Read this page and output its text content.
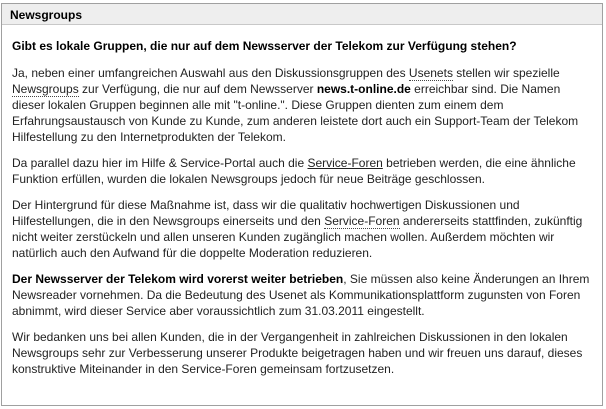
Newsgroups
Gibt es lokale Gruppen, die nur auf dem Newsserver der Telekom zur Verfügung stehen?

Ja, neben einer umfangreichen Auswahl aus den Diskussionsgruppen des Usenets stellen wir spezielle Newsgroups zur Verfügung, die nur auf dem Newsserver news.t-online.de erreichbar sind. Die Namen dieser lokalen Gruppen beginnen alle mit "t-online.". Diese Gruppen dienten zum einem dem Erfahrungsaustausch von Kunde zu Kunde, zum anderen leistete dort auch ein Support-Team der Telekom Hilfestellung zu den Internetprodukten der Telekom.

Da parallel dazu hier im Hilfe & Service-Portal auch die Service-Foren betrieben werden, die eine ähnliche Funktion erfüllen, wurden die lokalen Newsgroups jedoch für neue Beiträge geschlossen.

Der Hintergrund für diese Maßnahme ist, dass wir die qualitativ hochwertigen Diskussionen und Hilfestellungen, die in den Newsgroups einerseits und den Service-Foren andererseits stattfinden, zukünftig nicht weiter zerstückeln und allen unseren Kunden zugänglich machen wollen. Außerdem möchten wir natürlich auch den Aufwand für die doppelte Moderation reduzieren.

Der Newsserver der Telekom wird vorerst weiter betrieben, Sie müssen also keine Änderungen an Ihrem Newsreader vornehmen. Da die Bedeutung des Usenet als Kommunikationsplattform zugunsten von Foren abnimmt, wird dieser Service aber voraussichtlich zum 31.03.2011 eingestellt.

Wir bedanken uns bei allen Kunden, die in der Vergangenheit in zahlreichen Diskussionen in den lokalen Newsgroups sehr zur Verbesserung unserer Produkte beigetragen haben und wir freuen uns darauf, dieses konstruktive Miteinander in den Service-Foren gemeinsam fortzusetzen.
